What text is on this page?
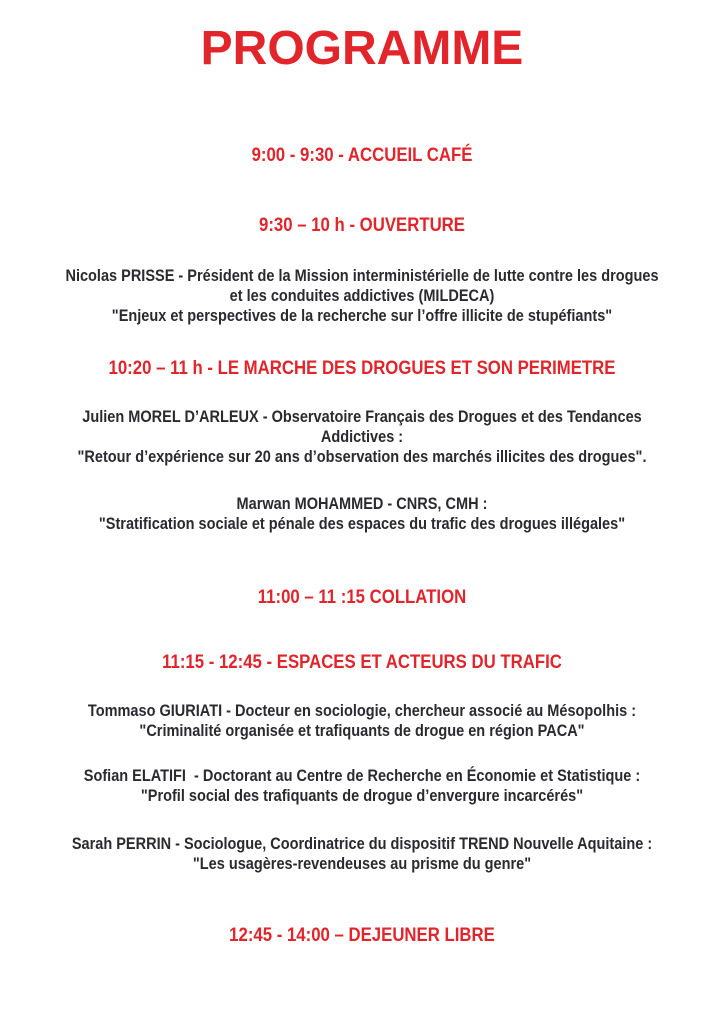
PROGRAMME
9:00 - 9:30 - ACCUEIL CAFÉ
9:30 – 10 h - OUVERTURE
Nicolas PRISSE - Président de la Mission interministérielle de lutte contre les drogues
et les conduites addictives (MILDECA)
"Enjeux et perspectives de la recherche sur l’offre illicite de stupéfiants"
10:20 – 11 h - LE MARCHE DES DROGUES ET SON PERIMETRE
Julien MOREL D’ARLEUX - Observatoire Français des Drogues et des Tendances
Addictives :
"Retour d’expérience sur 20 ans d’observation des marchés illicites des drogues".
Marwan MOHAMMED - CNRS, CMH :
"Stratification sociale et pénale des espaces du trafic des drogues illégales"
11:00 – 11 :15 COLLATION
11:15 - 12:45 - ESPACES ET ACTEURS DU TRAFIC
Tommaso GIURIATI - Docteur en sociologie, chercheur associé au Mésopolhis :
"Criminalité organisée et trafiquants de drogue en région PACA"
Sofian ELATIFI  - Doctorant au Centre de Recherche en Économie et Statistique :
"Profil social des trafiquants de drogue d’envergure incarcérés"
Sarah PERRIN - Sociologue, Coordinatrice du dispositif TREND Nouvelle Aquitaine :
"Les usagères-revendeuses au prisme du genre"
12:45 - 14:00 – DEJEUNER LIBRE
